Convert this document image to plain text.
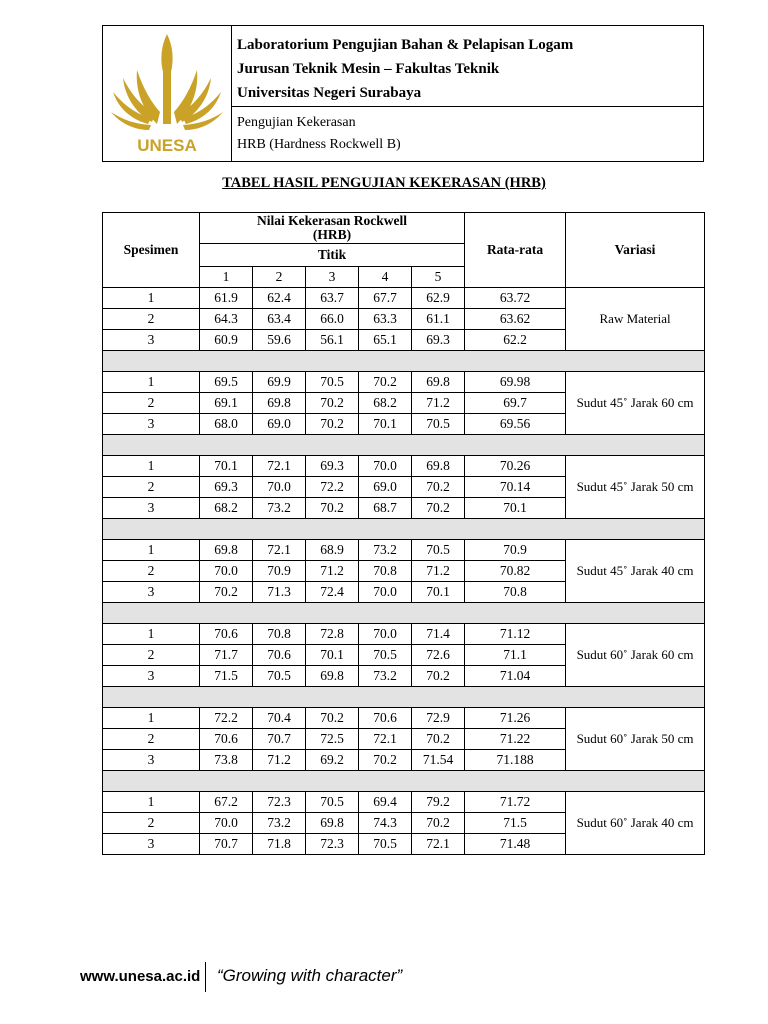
UNESA
Laboratorium Pengujian Bahan & Pelapisan Logam
Jurusan Teknik Mesin – Fakultas Teknik
Universitas Negeri Surabaya
Pengujian Kekerasan
HRB (Hardness Rockwell B)
TABEL HASIL PENGUJIAN KEKERASAN (HRB)
Spesimen	Nilai Kekerasan Rockwell
(HRB)					Rata-rata	Variasi
	Titik						
	1	2	3	4	5		
1	61.9	62.4	63.7	67.7	62.9	63.72	Raw Material
2	64.3	63.4	66.0	63.3	61.1	63.62	
3	60.9	59.6	56.1	65.1	69.3	62.2	

1	69.5	69.9	70.5	70.2	69.8	69.98	Sudut 45˚ Jarak 60 cm
2	69.1	69.8	70.2	68.2	71.2	69.7	
3	68.0	69.0	70.2	70.1	70.5	69.56	

1	70.1	72.1	69.3	70.0	69.8	70.26	Sudut 45˚ Jarak 50 cm
2	69.3	70.0	72.2	69.0	70.2	70.14	
3	68.2	73.2	70.2	68.7	70.2	70.1	

1	69.8	72.1	68.9	73.2	70.5	70.9	Sudut 45˚ Jarak 40 cm
2	70.0	70.9	71.2	70.8	71.2	70.82	
3	70.2	71.3	72.4	70.0	70.1	70.8	

1	70.6	70.8	72.8	70.0	71.4	71.12	Sudut 60˚ Jarak 60 cm
2	71.7	70.6	70.1	70.5	72.6	71.1	
3	71.5	70.5	69.8	73.2	70.2	71.04	

1	72.2	70.4	70.2	70.6	72.9	71.26	Sudut 60˚ Jarak 50 cm
2	70.6	70.7	72.5	72.1	70.2	71.22	
3	73.8	71.2	69.2	70.2	71.54	71.188	

1	67.2	72.3	70.5	69.4	79.2	71.72	Sudut 60˚ Jarak 40 cm
2	70.0	73.2	69.8	74.3	70.2	71.5	
3	70.7	71.8	72.3	70.5	72.1	71.48	
www.unesa.ac.id “Growing with character”
